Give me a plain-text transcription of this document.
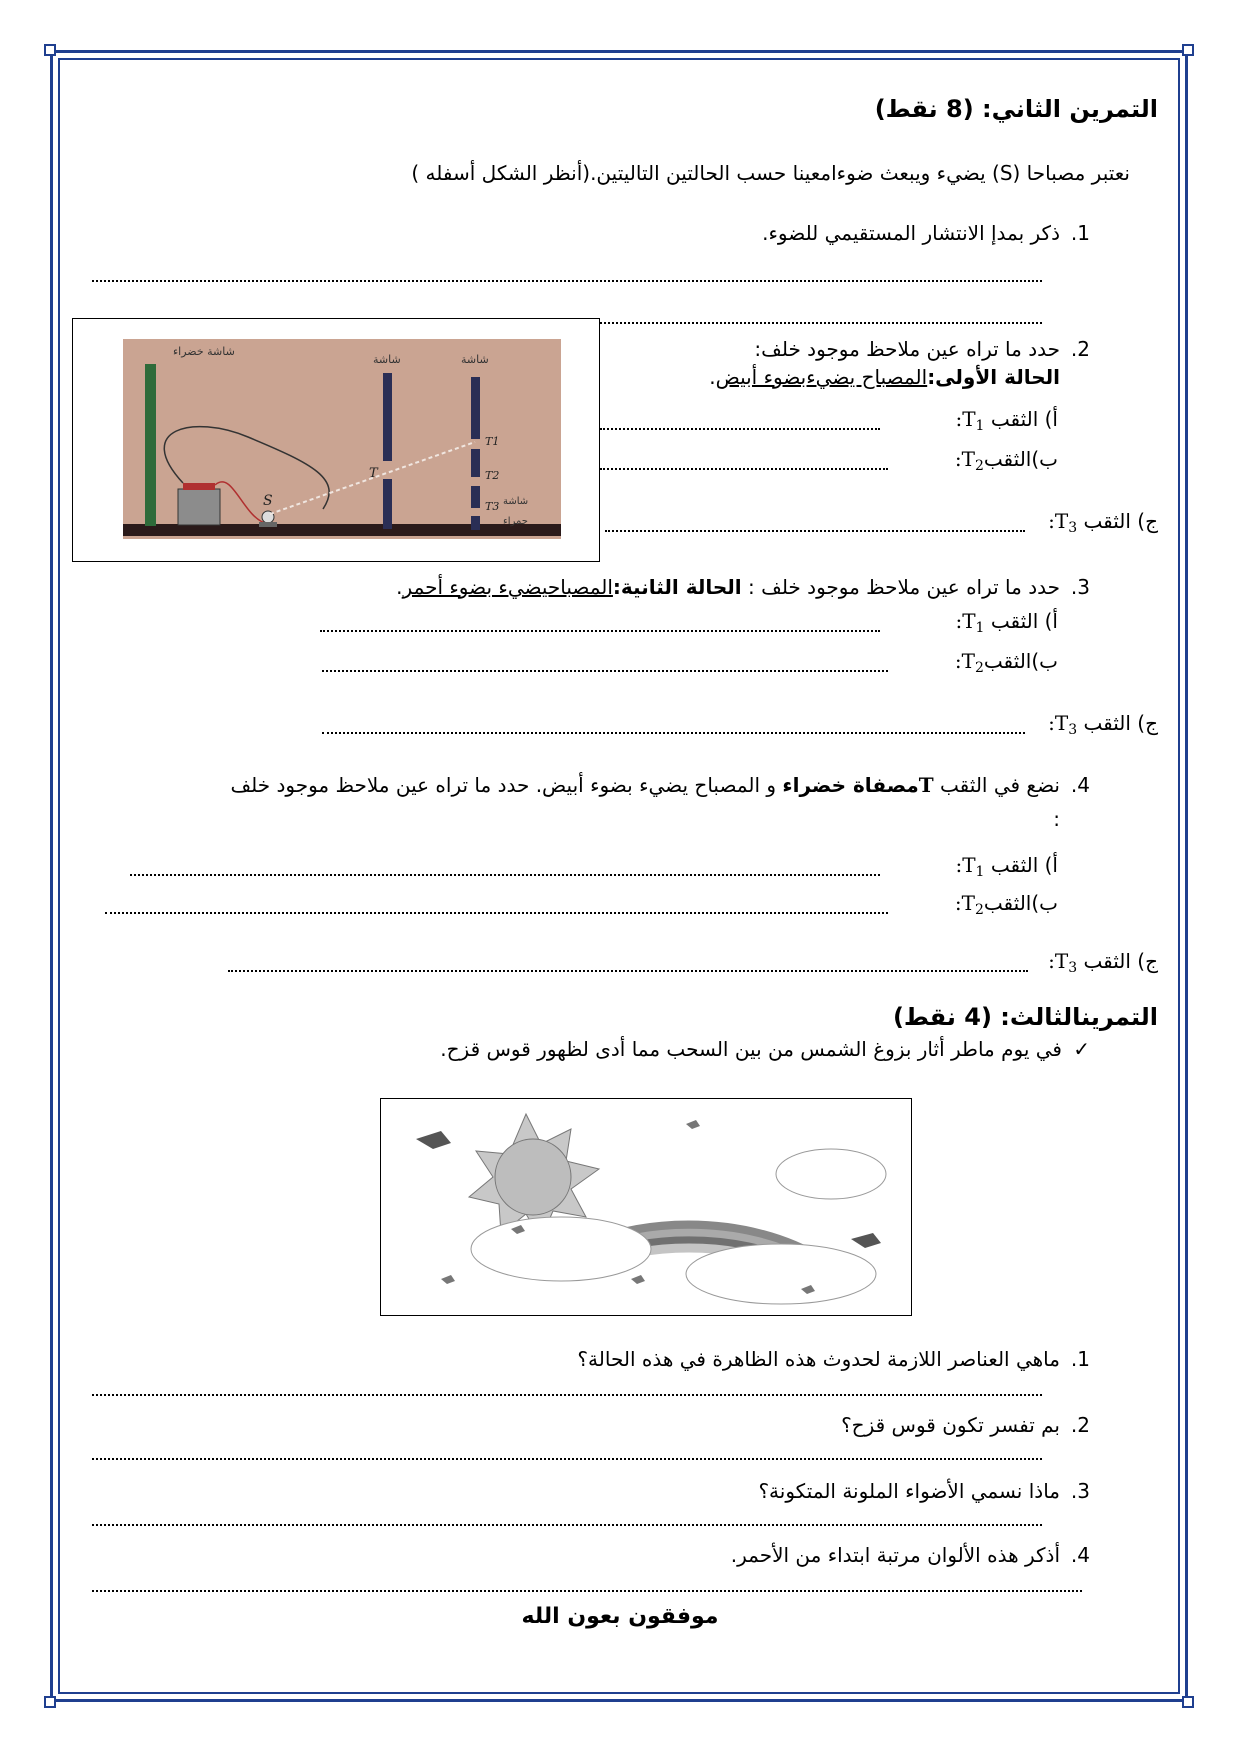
التمرين الثاني: (8 نقط)
نعتبر مصباحا (S) يضيء ويبعث ضوءامعينا حسب الحالتين التاليتين.(أنظر الشكل أسفله )
1.
ذكر بمدإ الانتشار المستقيمي للضوء.
شاشة خضراء
شاشة	شاشة
شاشة
حمراء
S
T
T1
T2
T3
2.
حدد ما تراه عين ملاحظ موجود خلف:
الحالة الأولى:المصباح يضيءبضوء أبيض.
أ) الثقب $T_1$:
ب)الثقبT$_2$:
ج) الثقب $T_3$:
3.
حدد ما تراه عين ملاحظ موجود خلف : الحالة الثانية:المصباحيضيء بضوء أحمر.
أ) الثقب $T_1$:
ب)الثقبT$_2$:
ج) الثقب $T_3$:
4.
نضع في الثقب Tمصفاة خضراء و المصباح يضيء بضوء أبيض. حدد ما تراه عين ملاحظ موجود خلف
:
أ) الثقب $T_1$:
ب)الثقبT$_2$:
ج) الثقب $T_3$:
التمرينالثالث: (4 نقط)
✓
في يوم ماطر أثار بزوغ الشمس من بين السحب مما أدى لظهور قوس قزح.
1.
ماهي العناصر اللازمة لحدوث هذه الظاهرة في هذه الحالة؟
2.
بم تفسر تكون قوس قزح؟
3.
ماذا نسمي الأضواء الملونة المتكونة؟
4.
أذكر هذه الألوان مرتبة ابتداء من الأحمر.
موفقون بعون الله
